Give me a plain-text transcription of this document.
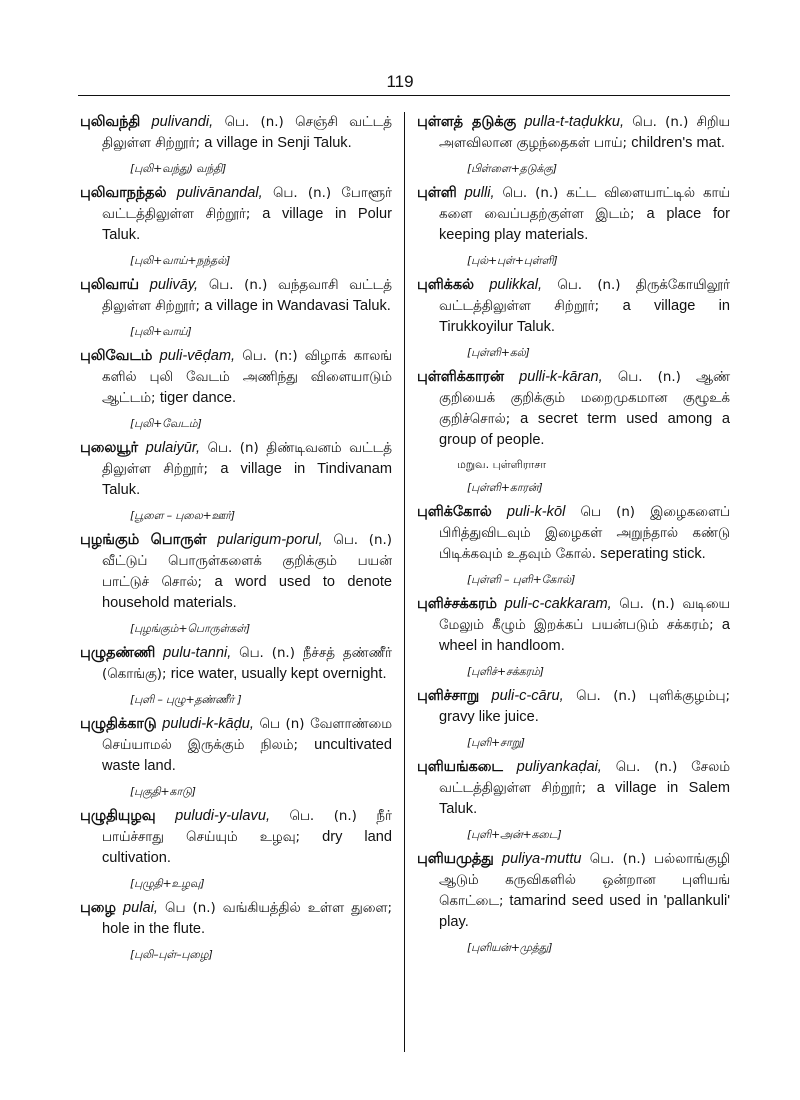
119
புலிவந்தி pulivandi, பெ. (n.) செஞ்சி வட்டத் திலுள்ள சிற்றூர்; a village in Senji Taluk.
[புலி+வந்து) வந்தி]
புலிவாநந்தல் pulivānandal, பெ. (n.) போளூர் வட்டத்திலுள்ள சிற்றூர்; a village in Polur Taluk.
[புலி+வாய்+நந்தல்]
புலிவாய் pulivāy, பெ. (n.) வந்தவாசி வட்டத் திலுள்ள சிற்றூர்; a village in Wandavasi Taluk.
[புலி+வாய்]
புலிவேடம் puli-vēḍam, பெ. (n:) விழாக் காலங் களில் புலி வேடம் அணிந்து விளையாடும் ஆட்டம்; tiger dance.
[புலி+வேடம்]
புலையூர் pulaiyūr, பெ. (n) திண்டிவனம் வட்டத் திலுள்ள சிற்றூர்; a village in Tindivanam Taluk.
[பூளை – புலை+ஊர்]
புழங்கும் பொருள் pularigum-porul, பெ. (n.) வீட்டுப் பொருள்களைக் குறிக்கும் பயன் பாட்டுச் சொல்; a word used to denote household materials.
[புழங்கும்+பொருள்கள்]
புழுதண்ணி pulu-tanni, பெ. (n.) நீச்சத் தண்ணீர் (கொங்கு); rice water, usually kept overnight.
[புளி – புழு+தண்ணீர் ]
புழுதிக்காடு puludi-k-kāḍu, பெ (n) வேளாண்மை செய்யாமல் இருக்கும் நிலம்; uncultivated waste land.
[புகுதி+காடு]
புழுதியுழவு puludi-y-ulavu, பெ. (n.) நீர் பாய்ச்சாது செய்யும் உழவு; dry land cultivation.
[புழுதி+உழவு]
புழை pulai, பெ (n.) வங்கியத்தில் உள்ள துளை; hole in the flute.
[புலி–புள்–புழை]
புள்ளத் தடுக்கு pulla-t-taḍukku, பெ. (n.) சிறிய அளவிலான குழந்தைகள் பாய்; children's mat.
[பிள்ளை+தடுக்கு]
புள்ளி pulli, பெ. (n.) கட்ட விளையாட்டில் காய் களை வைப்பதற்குள்ள இடம்; a place for keeping play materials.
[புல்+புள்+புள்ளி]
புளிக்கல் pulikkal, பெ. (n.) திருக்கோயிலூர் வட்டத்திலுள்ள சிற்றூர்; a village in Tirukkoyilur Taluk.
[புள்ளி+கல்]
புள்ளிக்காரன் pulli-k-kāran, பெ. (n.) ஆண் குறியைக் குறிக்கும் மறைமுகமான குழூஉக் குறிச்சொல்; a secret term used among a group of people.
மறுவ. புள்ளிராசா
[புள்ளி+காரன்]
புளிக்கோல் puli-k-kōl பெ (n) இழைகளைப் பிரித்துவிடவும் இழைகள் அறுந்தால் கண்டு பிடிக்கவும் உதவும் கோல். seperating stick.
[புள்ளி – புளி+கோல்]
புளிச்சக்கரம் puli-c-cakkaram, பெ. (n.) வடியை மேலும் கீழும் இறக்கப் பயன்படும் சக்கரம்; a wheel in handloom.
[புளிச்+சக்கரம்]
புளிச்சாறு puli-c-cāru, பெ. (n.) புளிக்குழம்பு; gravy like juice.
[புளி+சாறு]
புளியங்கடை puliyankaḍai, பெ. (n.) சேலம் வட்டத்திலுள்ள சிற்றூர்; a village in Salem Taluk.
[புளி+அன்+கடை]
புளியமுத்து puliya-muttu பெ. (n.) பல்லாங்குழி ஆடும் கருவிகளில் ஒன்றான புளியங் கொட்டை; tamarind seed used in 'pallankuli' play.
[புளியன்+முத்து]
